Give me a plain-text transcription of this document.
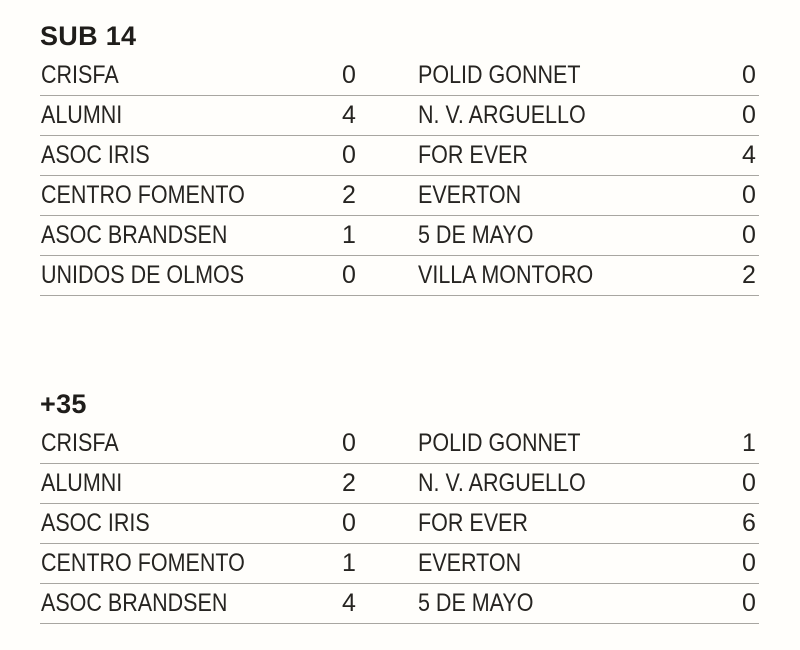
SUB 14
CRISFA	0 POLID GONNET	0
ALUMNI	4 N. V. ARGUELLO	0
ASOC IRIS	0 FOR EVER	4
CENTRO FOMENTO	2 EVERTON	0
ASOC BRANDSEN	1 5 DE MAYO	0
UNIDOS DE OLMOS	0 VILLA MONTORO	2
+35
CRISFA	0 POLID GONNET	1
ALUMNI	2 N. V. ARGUELLO	0
ASOC IRIS	0 FOR EVER	6
CENTRO FOMENTO	1 EVERTON	0
ASOC BRANDSEN	4 5 DE MAYO	0
